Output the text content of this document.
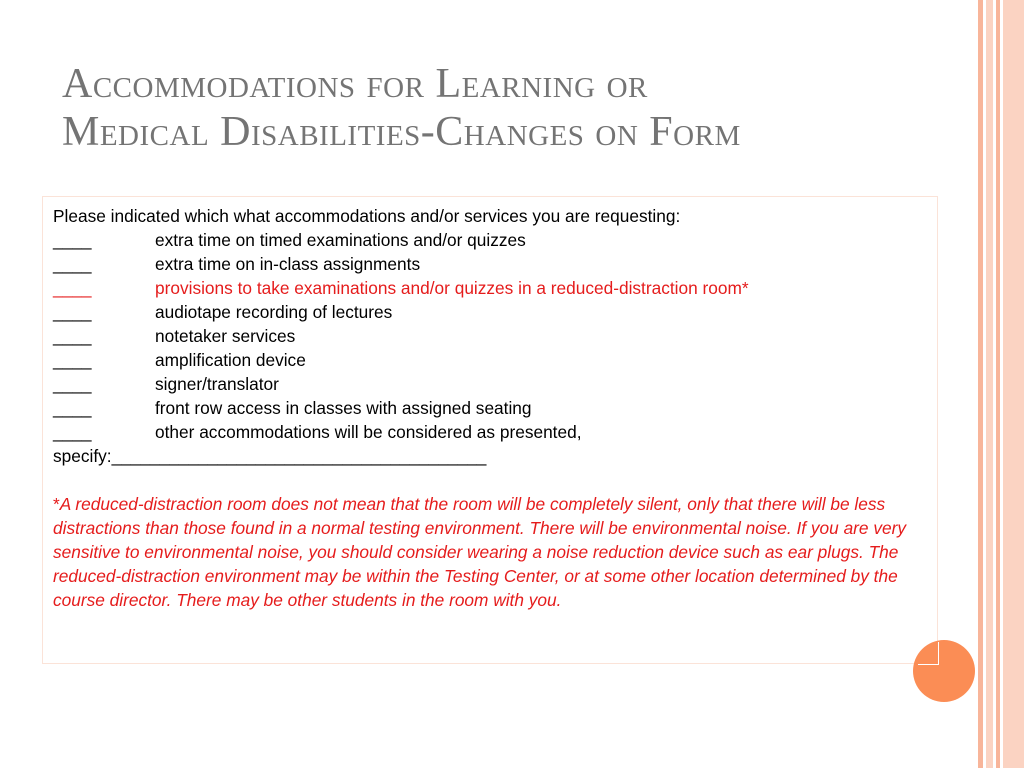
Accommodations for Learning or
Medical Disabilities-Changes on Form
Please indicated which what accommodations and/or services you are requesting:
____	extra time on timed examinations and/or quizzes
____	extra time on in-class assignments
____	provisions to take examinations and/or quizzes in a reduced-distraction room*
____	audiotape recording of lectures
____	notetaker services
____	amplification device
____	signer/translator
____	front row access in classes with assigned seating
____	other accommodations will be considered as presented,
specify:_______________________________________
*A reduced-distraction room does not mean that the room will be completely silent, only that there will be less distractions than those found in a normal testing environment. There will be environmental noise. If you are very sensitive to environmental noise, you should consider wearing a noise reduction device such as ear plugs. The reduced-distraction environment may be within the Testing Center, or at some other location determined by the course director. There may be other students in the room with you.
